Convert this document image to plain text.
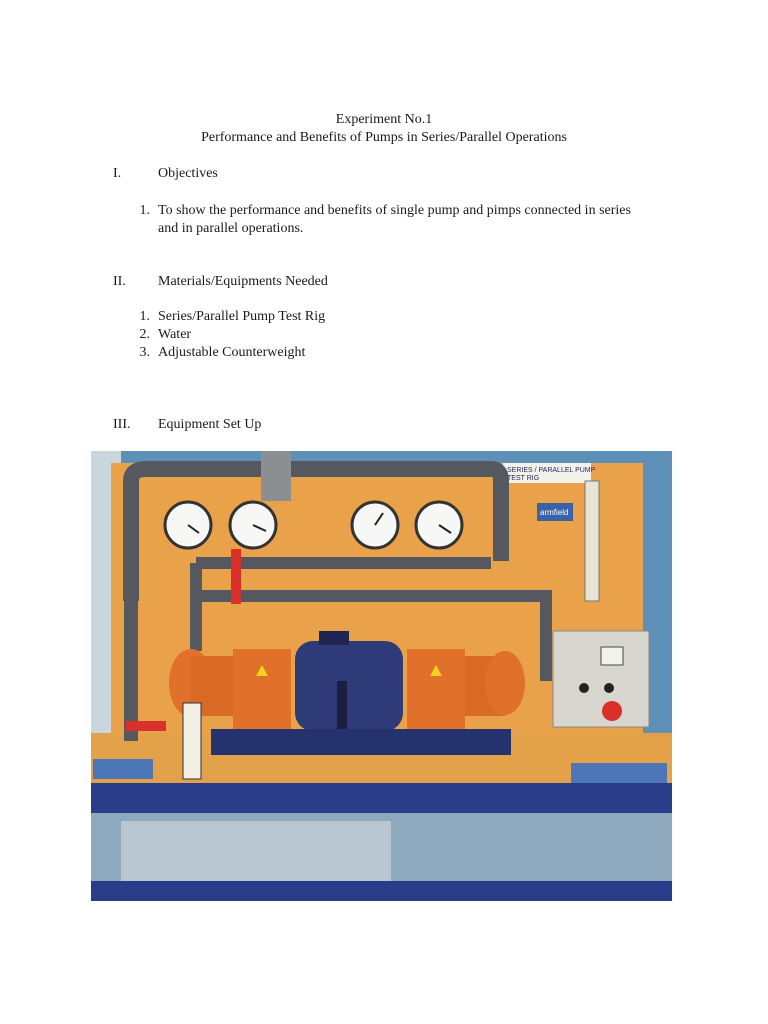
Experiment No.1
Performance and Benefits of Pumps in Series/Parallel Operations
I.	Objectives
1. To show the performance and benefits of single pump and pimps connected in series
and in parallel operations.
II. Materials/Equipments Needed
1. Series/Parallel Pump Test Rig
2. Water
3. Adjustable Counterweight
III. Equipment Set Up
SERIES / PARALLEL PUMP
TEST RIG
armfield
